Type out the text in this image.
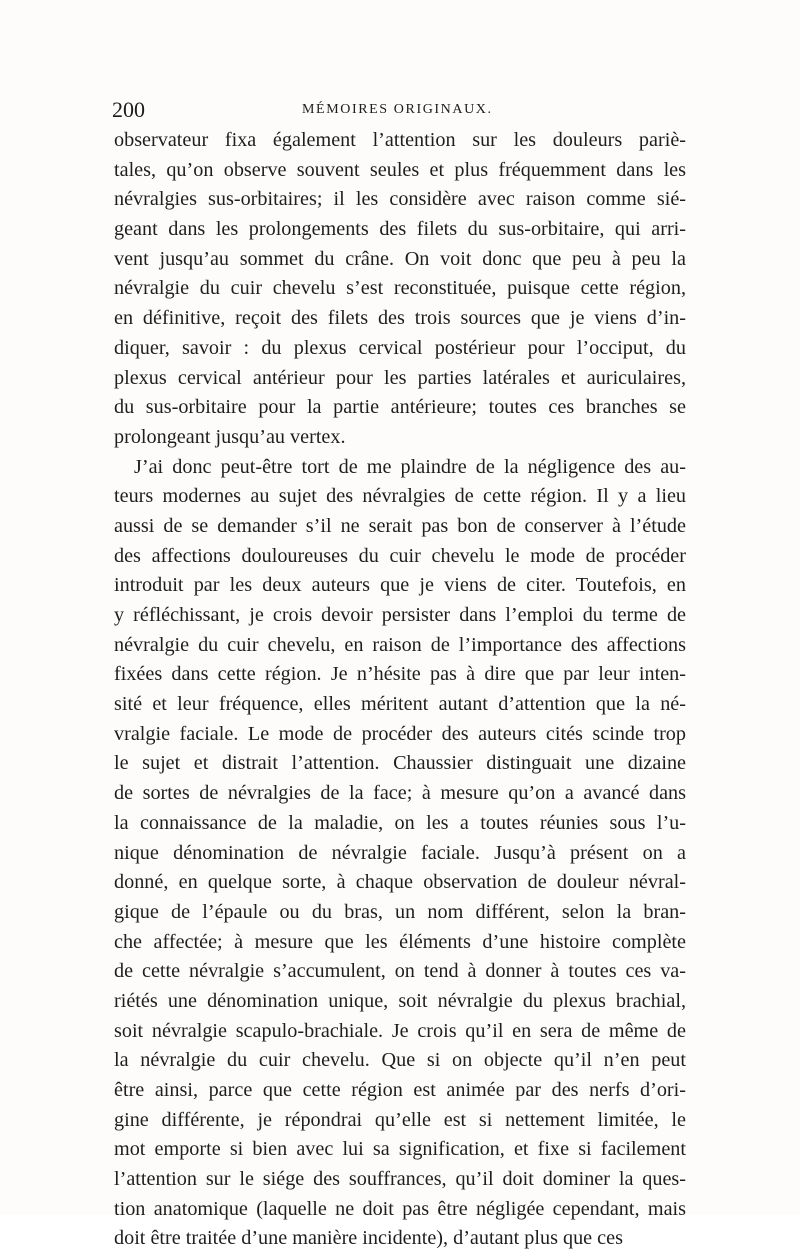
200	MÉMOIRES ORIGINAUX.
observateur fixa également l’attention sur les douleurs pariè-
tales, qu’on observe souvent seules et plus fréquemment dans les
névralgies sus-orbitaires; il les considère avec raison comme sié-
geant dans les prolongements des filets du sus-orbitaire, qui arri-
vent jusqu’au sommet du crâne. On voit donc que peu à peu la
névralgie du cuir chevelu s’est reconstituée, puisque cette région,
en définitive, reçoit des filets des trois sources que je viens d’in-
diquer, savoir : du plexus cervical postérieur pour l’occiput, du
plexus cervical antérieur pour les parties latérales et auriculaires,
du sus-orbitaire pour la partie antérieure; toutes ces branches se
prolongeant jusqu’au vertex.
J’ai donc peut-être tort de me plaindre de la négligence des au-
teurs modernes au sujet des névralgies de cette région. Il y a lieu
aussi de se demander s’il ne serait pas bon de conserver à l’étude
des affections douloureuses du cuir chevelu le mode de procéder
introduit par les deux auteurs que je viens de citer. Toutefois, en
y réfléchissant, je crois devoir persister dans l’emploi du terme de
névralgie du cuir chevelu, en raison de l’importance des affections
fixées dans cette région. Je n’hésite pas à dire que par leur inten-
sité et leur fréquence, elles méritent autant d’attention que la né-
vralgie faciale. Le mode de procéder des auteurs cités scinde trop
le sujet et distrait l’attention. Chaussier distinguait une dizaine
de sortes de névralgies de la face; à mesure qu’on a avancé dans
la connaissance de la maladie, on les a toutes réunies sous l’u-
nique dénomination de névralgie faciale. Jusqu’à présent on a
donné, en quelque sorte, à chaque observation de douleur névral-
gique de l’épaule ou du bras, un nom différent, selon la bran-
che affectée; à mesure que les éléments d’une histoire complète
de cette névralgie s’accumulent, on tend à donner à toutes ces va-
riétés une dénomination unique, soit névralgie du plexus brachial,
soit névralgie scapulo-brachiale. Je crois qu’il en sera de même de
la névralgie du cuir chevelu. Que si on objecte qu’il n’en peut
être ainsi, parce que cette région est animée par des nerfs d’ori-
gine différente, je répondrai qu’elle est si nettement limitée, le
mot emporte si bien avec lui sa signification, et fixe si facilement
l’attention sur le siége des souffrances, qu’il doit dominer la ques-
tion anatomique (laquelle ne doit pas être négligée cependant, mais
doit être traitée d’une manière incidente), d’autant plus que ces
